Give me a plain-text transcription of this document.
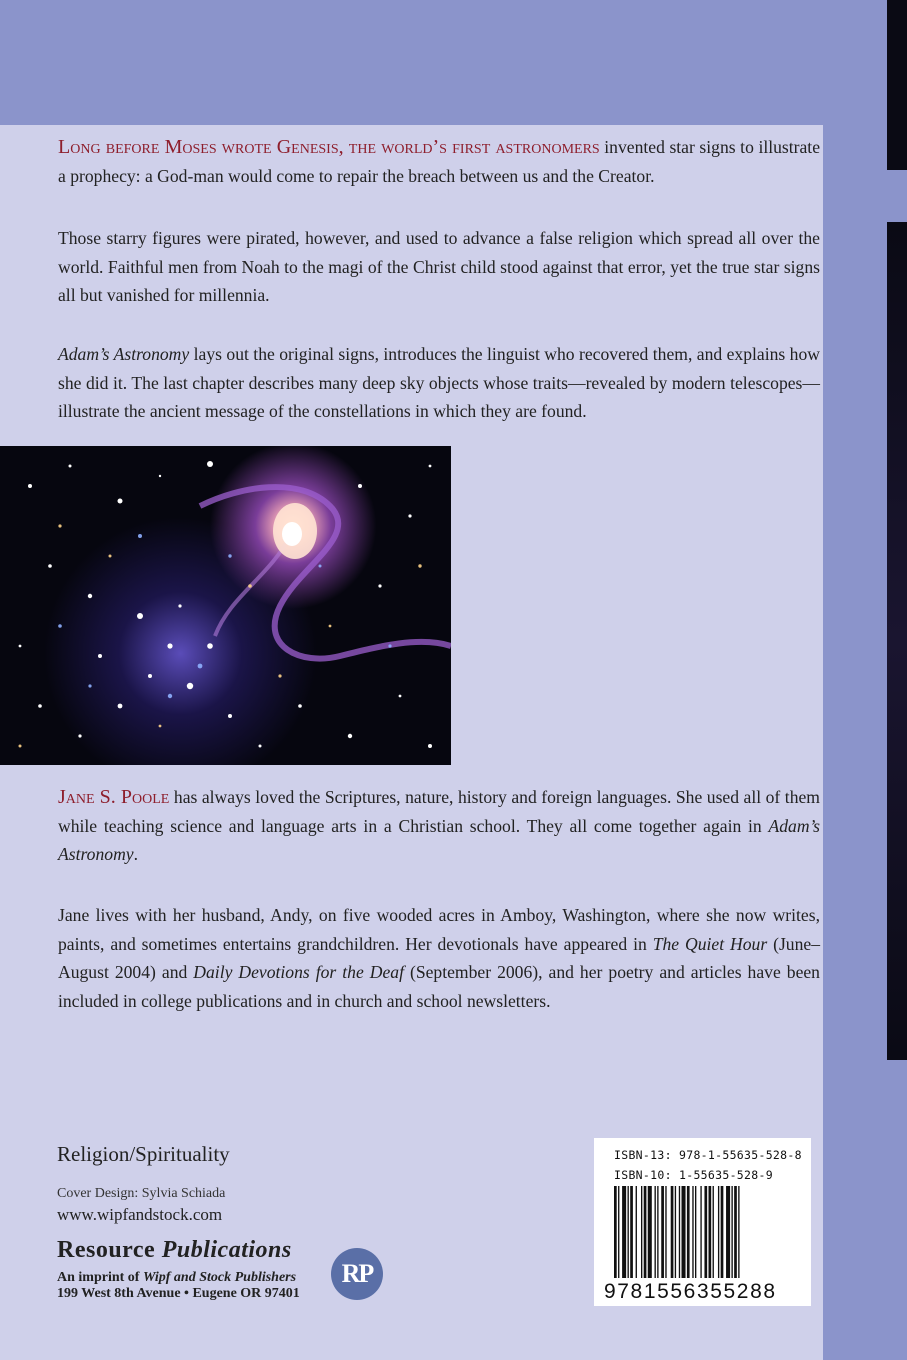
Long before Moses wrote Genesis, the world’s first astronomers invented star signs to illustrate a prophecy: a God-man would come to repair the breach between us and the Creator.

Those starry figures were pirated, however, and used to advance a false religion which spread all over the world. Faithful men from Noah to the magi of the Christ child stood against that error, yet the true star signs all but vanished for millennia.

Adam’s Astronomy lays out the original signs, introduces the linguist who recovered them, and explains how she did it. The last chapter describes many deep sky objects whose traits—revealed by modern telescopes—illustrate the ancient message of the constellations in which they are found.

Jane S. Poole has always loved the Scriptures, nature, history and foreign languages. She used all of them while teaching science and language arts in a Christian school. They all come together again in Adam’s Astronomy.

Jane lives with her husband, Andy, on five wooded acres in Amboy, Washington, where she now writes, paints, and sometimes entertains grandchildren. Her devotionals have appeared in The Quiet Hour (June–August 2004) and Daily Devotions for the Deaf (September 2006), and her poetry and articles have been included in college publications and in church and school newsletters.

Religion/Spirituality
Cover Design: Sylvia Schiada
www.wipfandstock.com
Resource Publications
An imprint of Wipf and Stock Publishers
199 West 8th Avenue • Eugene OR 97401
RP
ISBN-13: 978-1-55635-528-8
ISBN-10: 1-55635-528-9
9781556355288
